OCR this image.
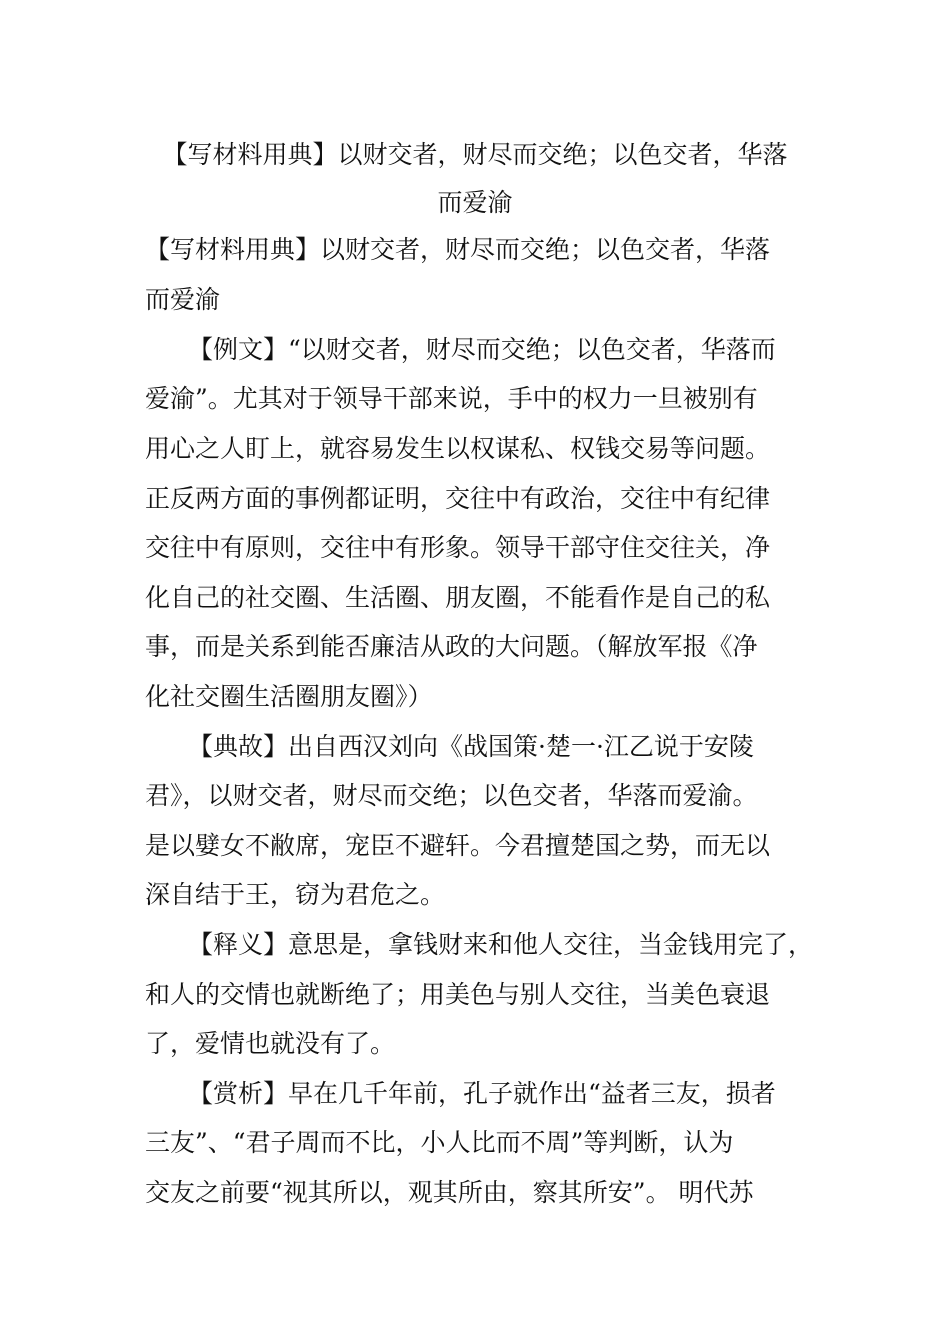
【写材料用典】以财交者，财尽而交绝；以色交者，华落
而爱渝

【写材料用典】以财交者，财尽而交绝；以色交者，华落

而爱渝

【例文】“以财交者，财尽而交绝；以色交者，华落而

爱渝”。尤其对于领导干部来说，手中的权力一旦被别有

用心之人盯上，就容易发生以权谋私、权钱交易等问题。

正反两方面的事例都证明，交往中有政治，交往中有纪律

交往中有原则，交往中有形象。领导干部守住交往关，净

化自己的社交圈、生活圈、朋友圈，不能看作是自己的私

事，而是关系到能否廉洁从政的大问题。（解放军报《净

化社交圈生活圈朋友圈》）

【典故】出自西汉刘向《战国策·楚一·江乙说于安陵

君》，以财交者，财尽而交绝；以色交者，华落而爱渝。

是以嬖女不敝席，宠臣不避轩。今君擅楚国之势，而无以

深自结于王，窃为君危之。

【释义】意思是，拿钱财来和他人交往，当金钱用完了，

和人的交情也就断绝了；用美色与别人交往，当美色衰退

了，爱情也就没有了。

【赏析】早在几千年前，孔子就作出“益者三友，损者

三友”、“君子周而不比，小人比而不周”等判断，认为

交友之前要“视其所以，观其所由，察其所安”。 明代苏
